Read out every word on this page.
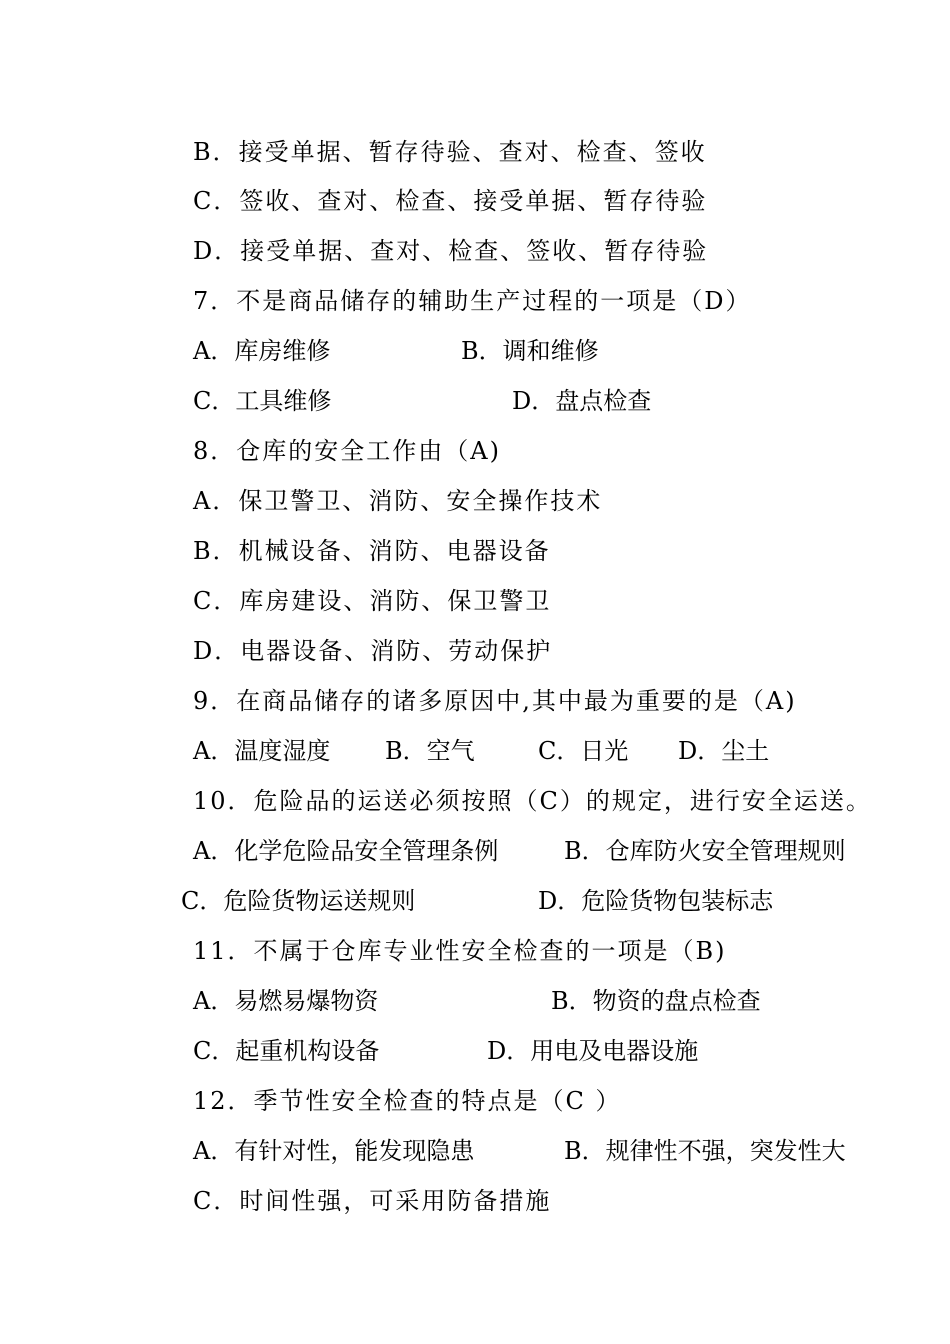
B．接受单据、暂存待验、查对、检查、签收
C．签收、查对、检查、接受单据、暂存待验
D．接受单据、查对、检查、签收、暂存待验
7．不是商品储存的辅助生产过程的一项是（D）
A．库房维修	B．调和维修
C．工具维修	D．盘点检查
8．仓库的安全工作由（A)
A．保卫警卫、消防、安全操作技术
B．机械设备、消防、电器设备
C．库房建设、消防、保卫警卫
D．电器设备、消防、劳动保护
9．在商品储存的诸多原因中,其中最为重要的是（A)
A．温度湿度 B．空气	C．日光 D．尘土
10．危险品的运送必须按照（C）的规定，进行安全运送。
A．化学危险品安全管理条例	B．仓库防火安全管理规则
C．危险货物运送规则	D．危险货物包装标志
11．不属于仓库专业性安全检查的一项是（B)
A．易燃易爆物资	B．物资的盘点检查
C．起重机构设备	D．用电及电器设施
12．季节性安全检查的特点是（C ）
A．有针对性，能发现隐患	B．规律性不强，突发性大
C．时间性强，可采用防备措施
